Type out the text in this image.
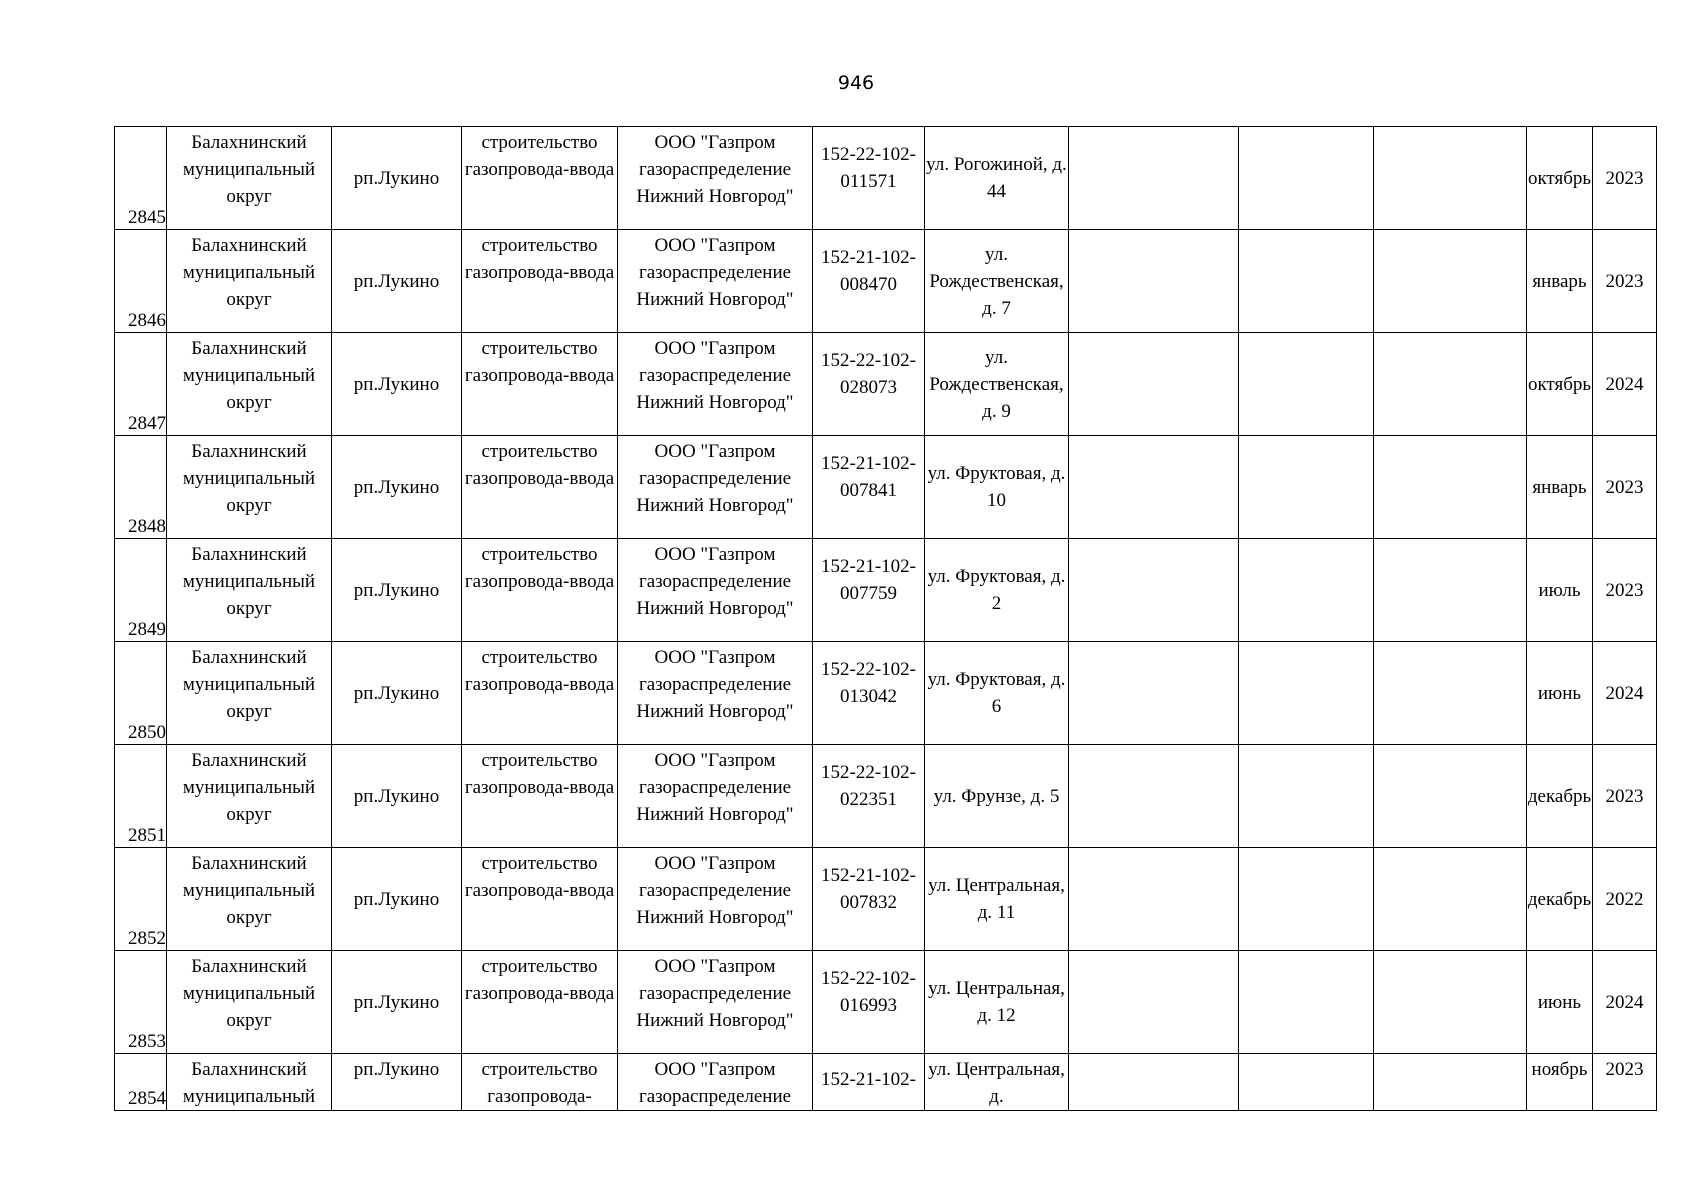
946
2845	Балахнинский муниципальный округ	рп.Лукино	строительство газопровода-ввода	ООО "Газпром газораспределение Нижний Новгород"	152-22-102-011571	ул. Рогожиной, д. 44				октябрь	2023
2846	Балахнинский муниципальный округ	рп.Лукино	строительство газопровода-ввода	ООО "Газпром газораспределение Нижний Новгород"	152-21-102-008470	ул. Рождественская, д. 7				январь	2023
2847	Балахнинский муниципальный округ	рп.Лукино	строительство газопровода-ввода	ООО "Газпром газораспределение Нижний Новгород"	152-22-102-028073	ул. Рождественская, д. 9				октябрь	2024
2848	Балахнинский муниципальный округ	рп.Лукино	строительство газопровода-ввода	ООО "Газпром газораспределение Нижний Новгород"	152-21-102-007841	ул. Фруктовая, д. 10				январь	2023
2849	Балахнинский муниципальный округ	рп.Лукино	строительство газопровода-ввода	ООО "Газпром газораспределение Нижний Новгород"	152-21-102-007759	ул. Фруктовая, д. 2				июль	2023
2850	Балахнинский муниципальный округ	рп.Лукино	строительство газопровода-ввода	ООО "Газпром газораспределение Нижний Новгород"	152-22-102-013042	ул. Фруктовая, д. 6				июнь	2024
2851	Балахнинский муниципальный округ	рп.Лукино	строительство газопровода-ввода	ООО "Газпром газораспределение Нижний Новгород"	152-22-102-022351	ул. Фрунзе, д. 5				декабрь	2023
2852	Балахнинский муниципальный округ	рп.Лукино	строительство газопровода-ввода	ООО "Газпром газораспределение Нижний Новгород"	152-21-102-007832	ул. Центральная, д. 11				декабрь	2022
2853	Балахнинский муниципальный округ	рп.Лукино	строительство газопровода-ввода	ООО "Газпром газораспределение Нижний Новгород"	152-22-102-016993	ул. Центральная, д. 12				июнь	2024
2854	Балахнинский муниципальный	рп.Лукино	строительство газопровода-	ООО "Газпром газораспределение	152-21-102-	ул. Центральная, д.				ноябрь	2023
